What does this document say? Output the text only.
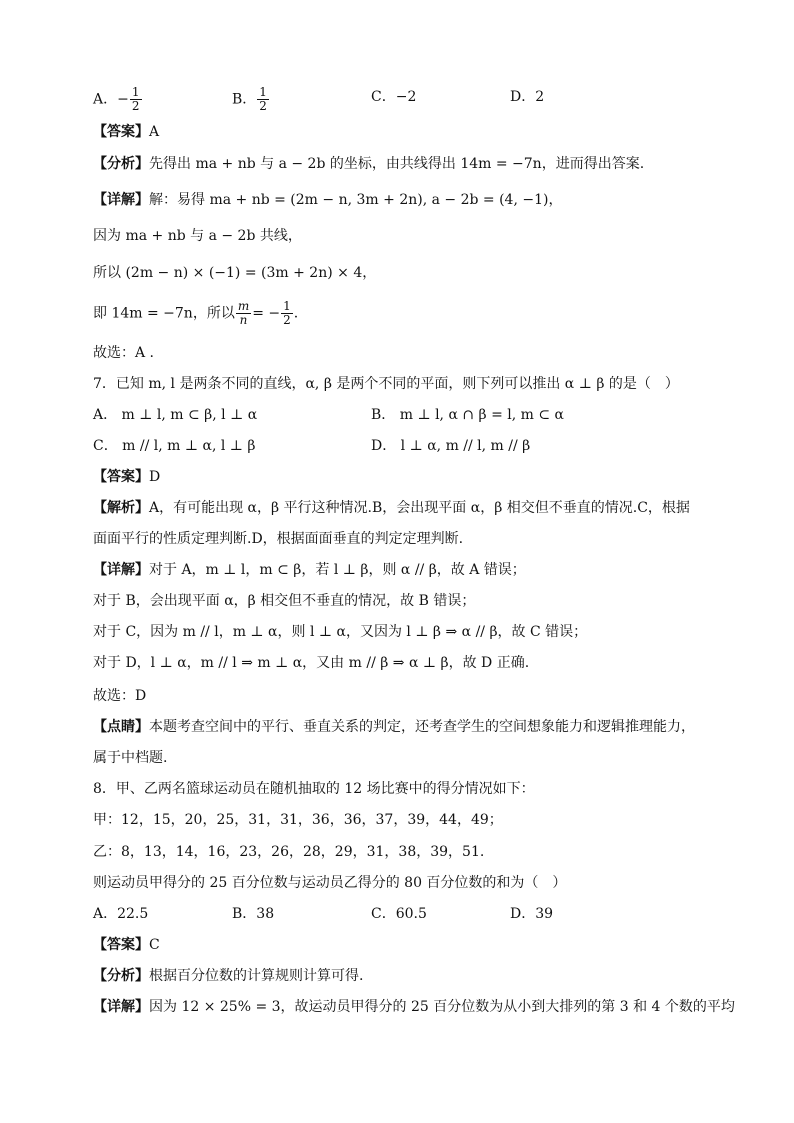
A．− $\frac{1}{2}$	B． $\frac{1}{2}$	C．−2	D．2
【答案】A
【分析】先得出 ma + nb 与 a − 2b 的坐标，由共线得出 14m = −7n，进而得出答案.
【详解】解：易得 ma + nb = (2m − n, 3m + 2n), a − 2b = (4, −1)，
因为 ma + nb 与 a − 2b 共线，
所以 (2m − n) × (−1) = (3m + 2n) × 4，
即 14m = −7n，所以 $\frac{m}{n}$ = − $\frac{1}{2}$ .
故选：A .
7．已知 m, l 是两条不同的直线，α, β 是两个不同的平面，则下列可以推出 α ⊥ β 的是（　）
A． m ⊥ l, m ⊂ β, l ⊥ α	B． m ⊥ l, α ∩ β = l, m ⊂ α
C． m // l, m ⊥ α, l ⊥ β	D． l ⊥ α, m // l, m // β
【答案】D
【解析】A，有可能出现 α，β 平行这种情况.B，会出现平面 α，β 相交但不垂直的情况.C，根据
面面平行的性质定理判断.D，根据面面垂直的判定定理判断.
【详解】对于 A，m ⊥ l，m ⊂ β，若 l ⊥ β，则 α // β，故 A 错误；
对于 B，会出现平面 α，β 相交但不垂直的情况，故 B 错误；
对于 C，因为 m // l，m ⊥ α，则 l ⊥ α，又因为 l ⊥ β ⇒ α // β，故 C 错误；
对于 D，l ⊥ α，m // l ⇒ m ⊥ α，又由 m // β ⇒ α ⊥ β，故 D 正确.
故选：D
【点睛】本题考查空间中的平行、垂直关系的判定，还考查学生的空间想象能力和逻辑推理能力，
属于中档题.
8．甲、乙两名篮球运动员在随机抽取的 12 场比赛中的得分情况如下：
甲：12，15，20，25，31，31，36，36，37，39，44，49；
乙：8，13，14，16，23，26，28，29，31，38，39，51.
则运动员甲得分的 25 百分位数与运动员乙得分的 80 百分位数的和为（　）
A．22.5	B．38	C．60.5	D．39
【答案】C
【分析】根据百分位数的计算规则计算可得.
【详解】因为 12 × 25% = 3，故运动员甲得分的 25 百分位数为从小到大排列的第 3 和 4 个数的平均
